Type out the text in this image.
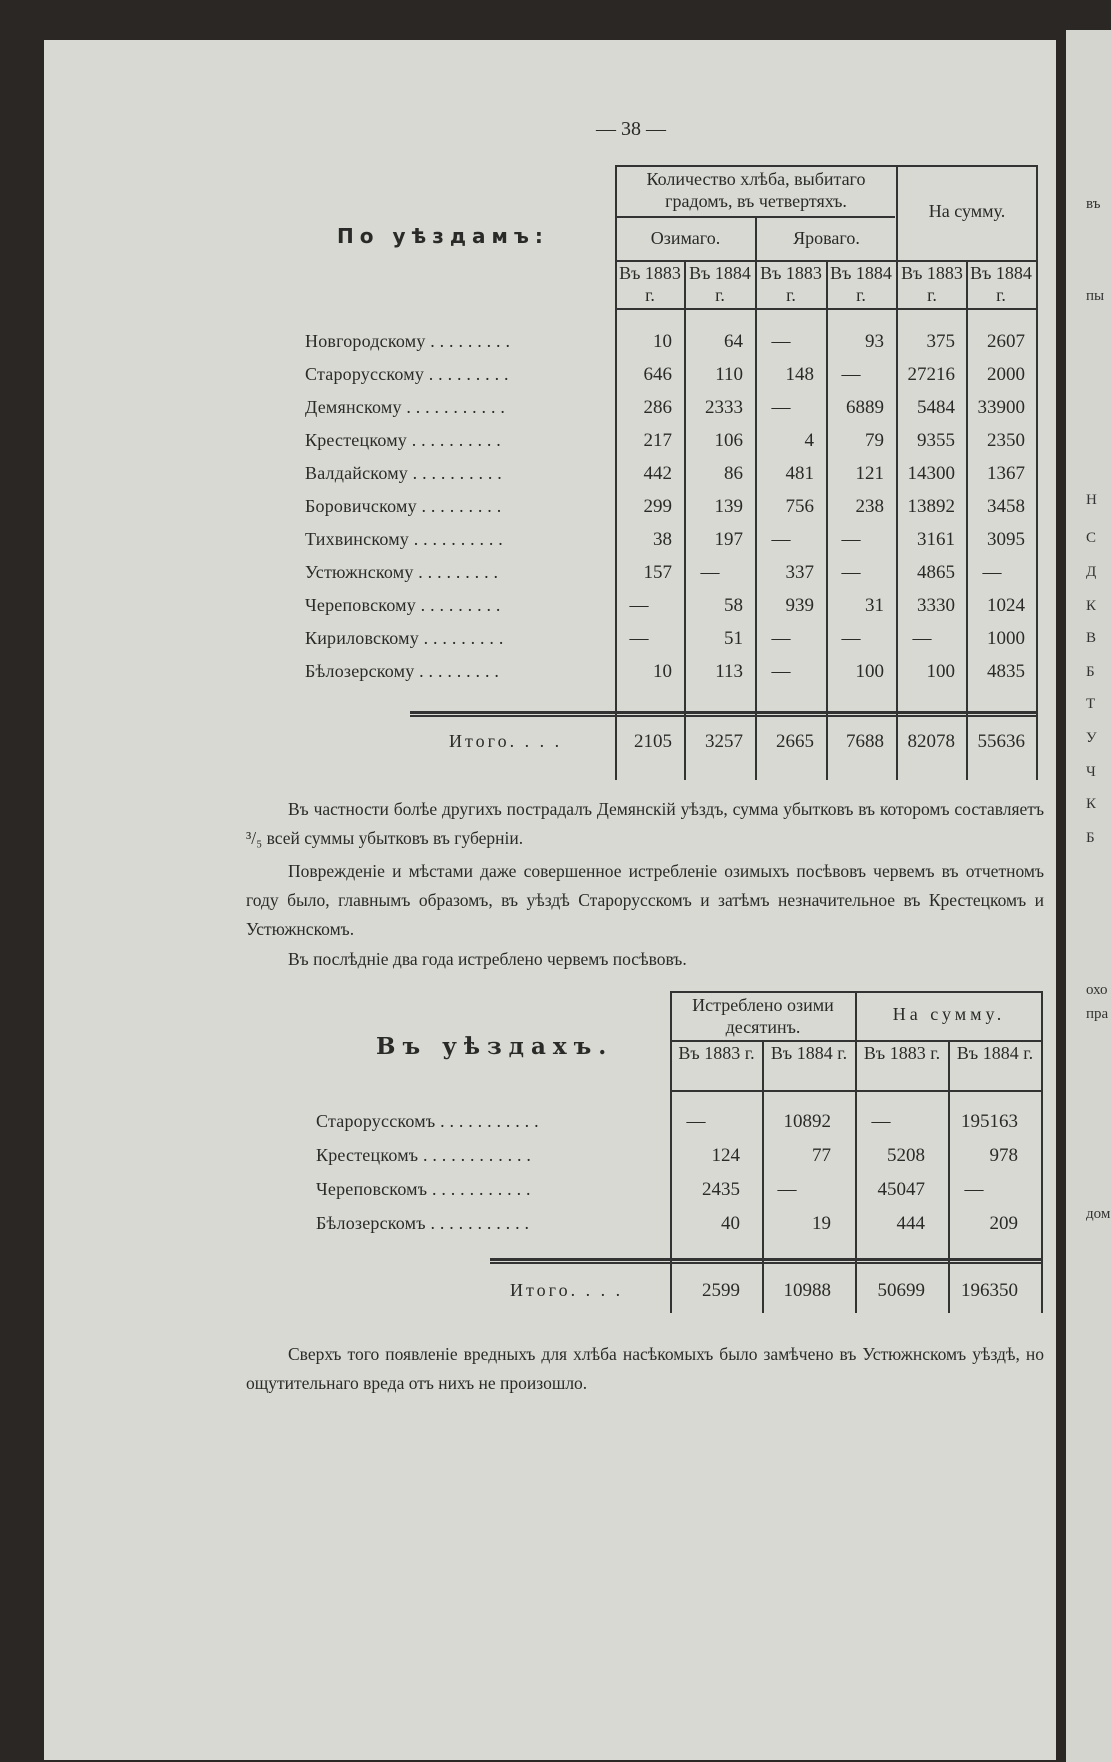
въ
пы
Н
С
Д
К
В
Б
Т
У
Ч
К
Б
охо
пра
дом
— 38 —
По уѣздамъ:
Количество хлѣба, выбитаго градомъ, въ четвертяхъ.	На сумму.
Озимаго.	Яроваго.
Въ 1883 г.
Въ 1884 г.
Въ 1883 г.
Въ 1884 г.
Въ 1883 г.
Въ 1884 г.
Новгородскому . . . . . . . . .	10	64	—	93	375	2607
Старорусскому . . . . . . . . .	646	110	148	—	27216	2000
Демянскому . . . . . . . . . . .	286	2333	—	6889	5484	33900
Крестецкому . . . . . . . . . .	217	106	4	79	9355	2350
Валдайскому . . . . . . . . . .	442	86	481	121	14300	1367
Боровичскому . . . . . . . . .	299	139	756	238	13892	3458
Тихвинскому . . . . . . . . . .	38	197	—	—	3161	3095
Устюжнскому . . . . . . . . .	157	—	337	—	4865	—
Череповскому . . . . . . . . .	—	58	939	31	3330	1024
Кириловскому . . . . . . . . .	—	51	—	—	—	1000
Бѣлозерскому . . . . . . . . .	10	113	—	100	100	4835
Итого. . . .	2105	3257	2665	7688	82078	55636
Въ частности болѣе другихъ пострадалъ Демянскій уѣздъ, сумма убытковъ въ которомъ составляетъ ³/₅ всей суммы убытковъ въ губерніи.
Поврежденіе и мѣстами даже совершенное истребленіе озимыхъ посѣвовъ червемъ въ отчетномъ году было, главнымъ образомъ, въ уѣздѣ Старорусскомъ и затѣмъ незначительное въ Крестецкомъ и Устюжнскомъ.
Въ послѣдніе два года истреблено червемъ посѣвовъ.
Въ уѣздахъ.
Истреблено озими десятинъ.
На сумму.
Въ 1883 г. Въ 1884 г. Въ 1883 г. Въ 1884 г.
Старорусскомъ . . . . . . . . . . .	—	10892	—	195163
Крестецкомъ . . . . . . . . . . . .	124	77	5208	978
Череповскомъ . . . . . . . . . . .	2435	—	45047	—
Бѣлозерскомъ . . . . . . . . . . .	40	19	444	209
Итого. . . .	2599	10988	50699	196350
Сверхъ того появленіе вредныхъ для хлѣба насѣкомыхъ было замѣчено въ Устюжнскомъ уѣздѣ, но ощутительнаго вреда отъ нихъ не произошло.
